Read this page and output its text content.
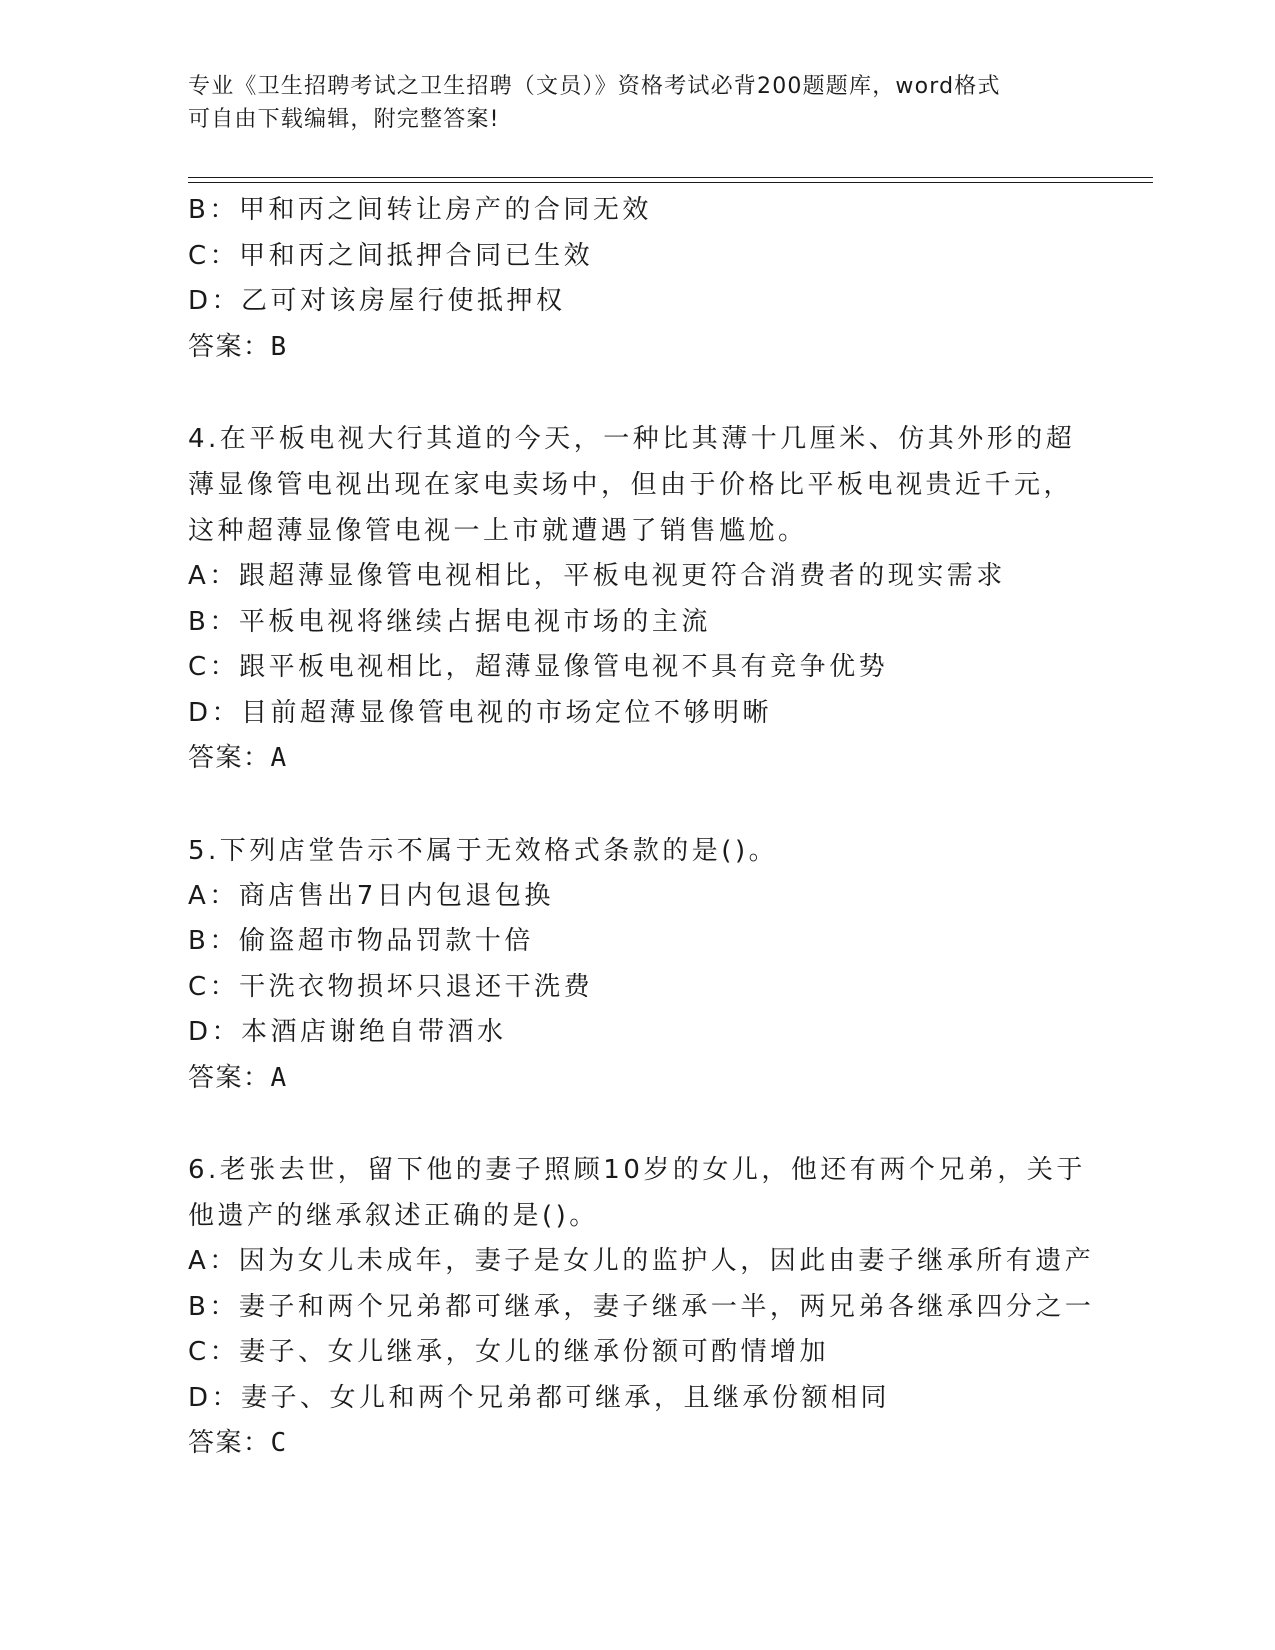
专业《卫生招聘考试之卫生招聘（文员）》资格考试必背200题题库，word格式
可自由下载编辑，附完整答案!
B：甲和丙之间转让房产的合同无效
C：甲和丙之间抵押合同已生效
D：乙可对该房屋行使抵押权
答案：B
4.在平板电视大行其道的今天，一种比其薄十几厘米、仿其外形的超
薄显像管电视出现在家电卖场中，但由于价格比平板电视贵近千元，
这种超薄显像管电视一上市就遭遇了销售尴尬。
A：跟超薄显像管电视相比，平板电视更符合消费者的现实需求
B：平板电视将继续占据电视市场的主流
C：跟平板电视相比，超薄显像管电视不具有竞争优势
D：目前超薄显像管电视的市场定位不够明晰
答案：A
5.下列店堂告示不属于无效格式条款的是()。
A：商店售出7日内包退包换
B：偷盗超市物品罚款十倍
C：干洗衣物损坏只退还干洗费
D：本酒店谢绝自带酒水
答案：A
6.老张去世，留下他的妻子照顾10岁的女儿，他还有两个兄弟，关于
他遗产的继承叙述正确的是()。
A：因为女儿未成年，妻子是女儿的监护人，因此由妻子继承所有遗产
B：妻子和两个兄弟都可继承，妻子继承一半，两兄弟各继承四分之一
C：妻子、女儿继承，女儿的继承份额可酌情增加
D：妻子、女儿和两个兄弟都可继承，且继承份额相同
答案：C
